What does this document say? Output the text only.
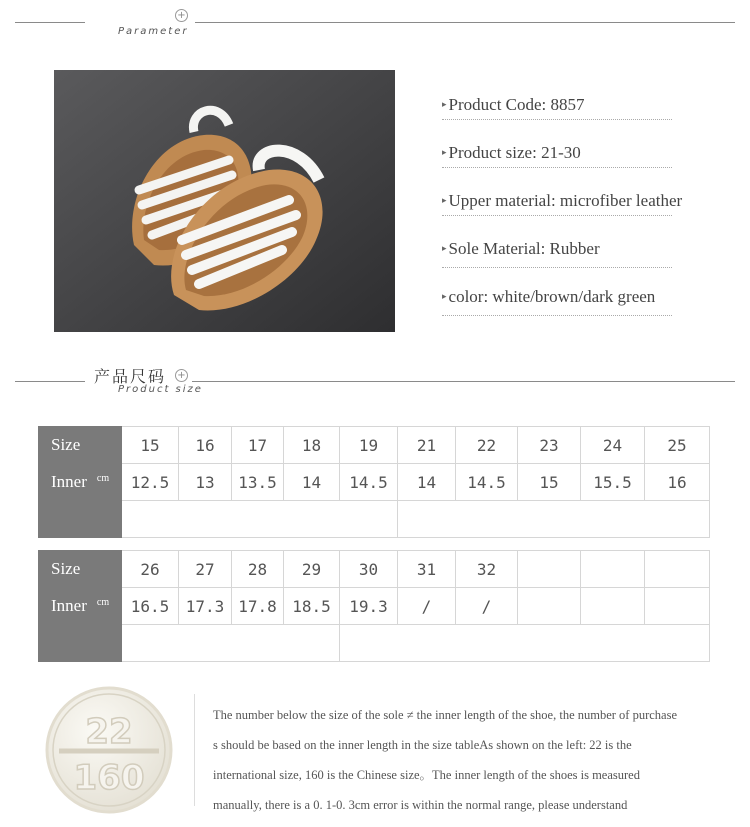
+
Parameter
▸ Product Code: 8857
▸ Product size: 21-30
▸ Upper material: microfiber leather
▸ Sole Material: Rubber
▸ color: white/brown/dark green
产品尺码 +
Product size
Size	15	16	17	18	19	21	22	23	24	25
Inner $^{cm}$	12.5	13	13.5	14	14.5	14	14.5	15	15.5	16

Size	26	27	28	29	30	31	32			
Inner $^{cm}$	16.5	17.3	17.8	18.5	19.3	/	/			

22
160
The number below the size of the sole ≠ the inner length of the shoe, the number of purchase
s should be based on the inner length in the size tableAs shown on the left: 22 is the
international size, 160 is the Chinese size。The inner length of the shoes is measured
manually, there is a 0. 1-0. 3cm error is within the normal range, please understand
